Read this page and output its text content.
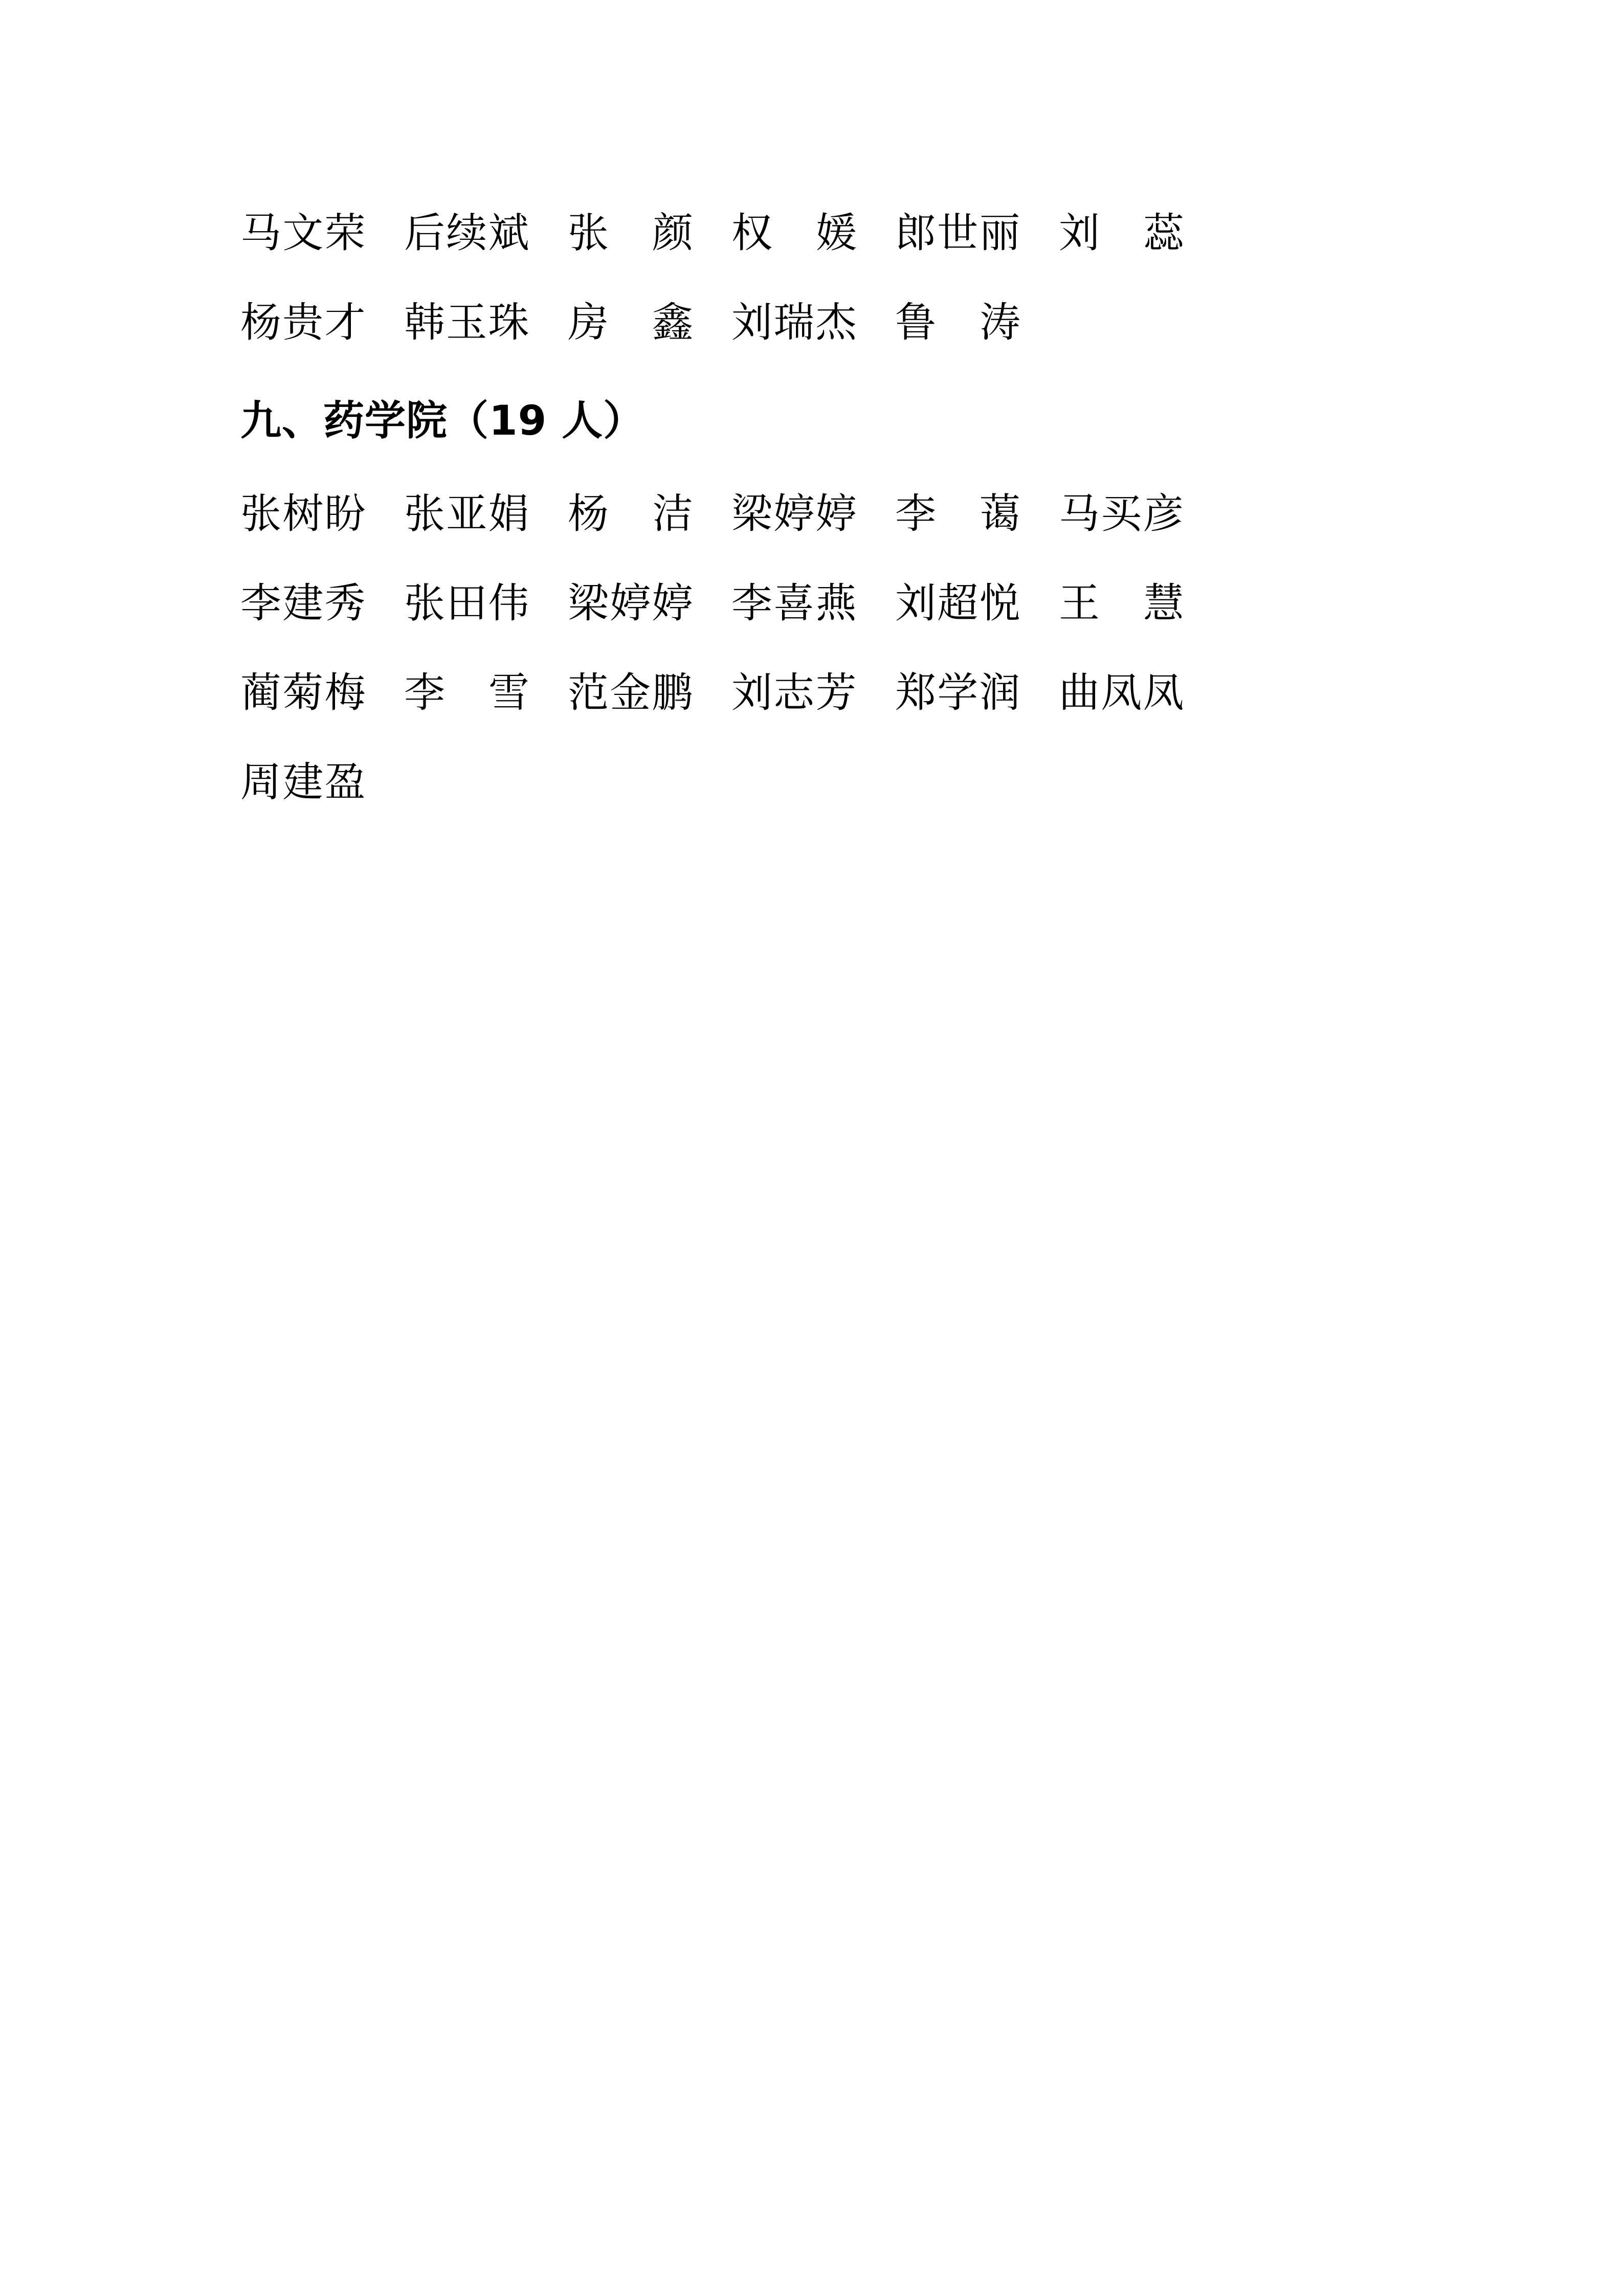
马 文 荣 后 续 斌 张 颜 权 媛 郎 世 丽 刘 蕊
杨 贵 才 韩 玉 珠 房 鑫 刘 瑞 杰 鲁 涛
九、药学院（19 人）
张 树 盼 张 亚 娟 杨 洁 梁 婷 婷 李 蔼 马 买 彦
李 建 秀 张 田 伟 梁 婷 婷 李 喜 燕 刘 超 悦 王 慧
蔺 菊 梅 李 雪 范 金 鹏 刘 志 芳 郑 学 润 曲 凤 凤
周 建 盈
